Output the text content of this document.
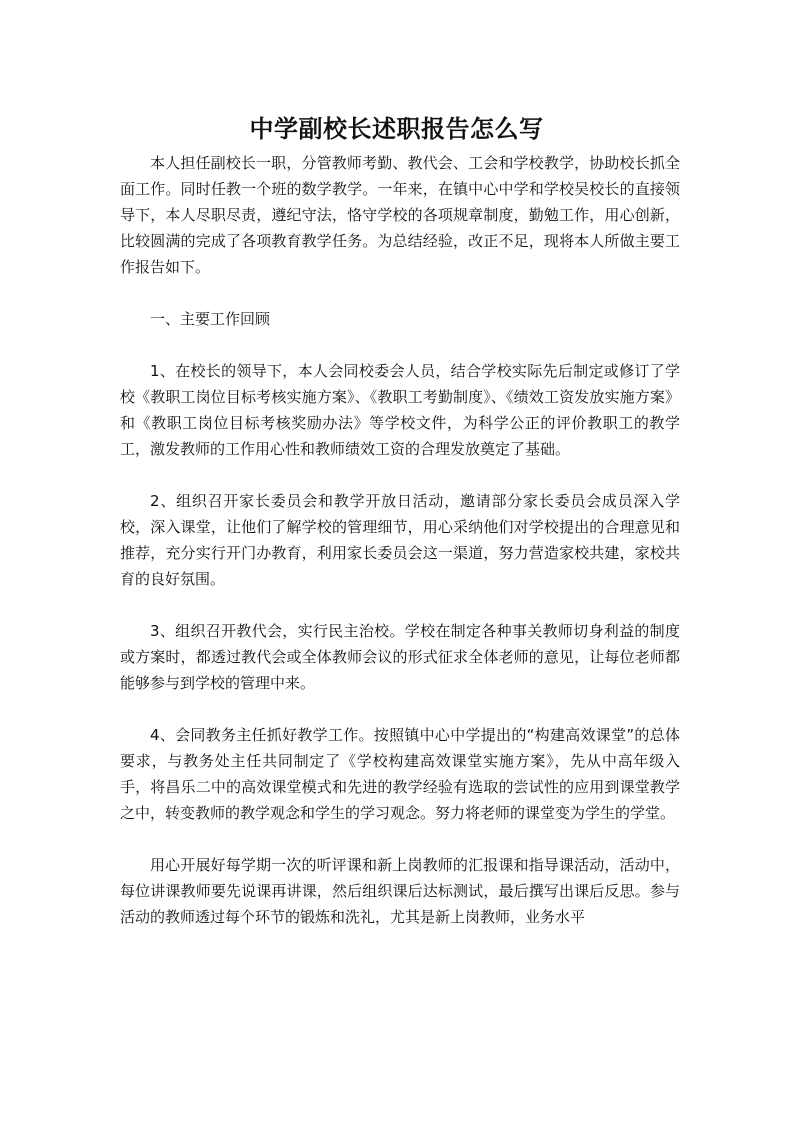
中学副校长述职报告怎么写

本人担任副校长一职，分管教师考勤、教代会、工会和学校教学，协助校长抓全面工作。同时任教一个班的数学教学。一年来，在镇中心中学和学校吴校长的直接领导下，本人尽职尽责，遵纪守法，恪守学校的各项规章制度，勤勉工作，用心创新，比较圆满的完成了各项教育教学任务。为总结经验，改正不足，现将本人所做主要工作报告如下。

一、主要工作回顾

1、在校长的领导下，本人会同校委会人员，结合学校实际先后制定或修订了学校《教职工岗位目标考核实施方案》、《教职工考勤制度》、《绩效工资发放实施方案》和《教职工岗位目标考核奖励办法》等学校文件，为科学公正的评价教职工的教学工，激发教师的工作用心性和教师绩效工资的合理发放奠定了基础。

2、组织召开家长委员会和教学开放日活动，邀请部分家长委员会成员深入学校，深入课堂，让他们了解学校的管理细节，用心采纳他们对学校提出的合理意见和推荐，充分实行开门办教育，利用家长委员会这一渠道，努力营造家校共建，家校共育的良好氛围。

3、组织召开教代会，实行民主治校。学校在制定各种事关教师切身利益的制度或方案时，都透过教代会或全体教师会议的形式征求全体老师的意见，让每位老师都能够参与到学校的管理中来。

4、会同教务主任抓好教学工作。按照镇中心中学提出的“构建高效课堂”的总体要求，与教务处主任共同制定了《学校构建高效课堂实施方案》，先从中高年级入手，将昌乐二中的高效课堂模式和先进的教学经验有选取的尝试性的应用到课堂教学之中，转变教师的教学观念和学生的学习观念。努力将老师的课堂变为学生的学堂。

用心开展好每学期一次的听评课和新上岗教师的汇报课和指导课活动，活动中，每位讲课教师要先说课再讲课，然后组织课后达标测试，最后撰写出课后反思。参与活动的教师透过每个环节的锻炼和洗礼，尤其是新上岗教师，业务水平
